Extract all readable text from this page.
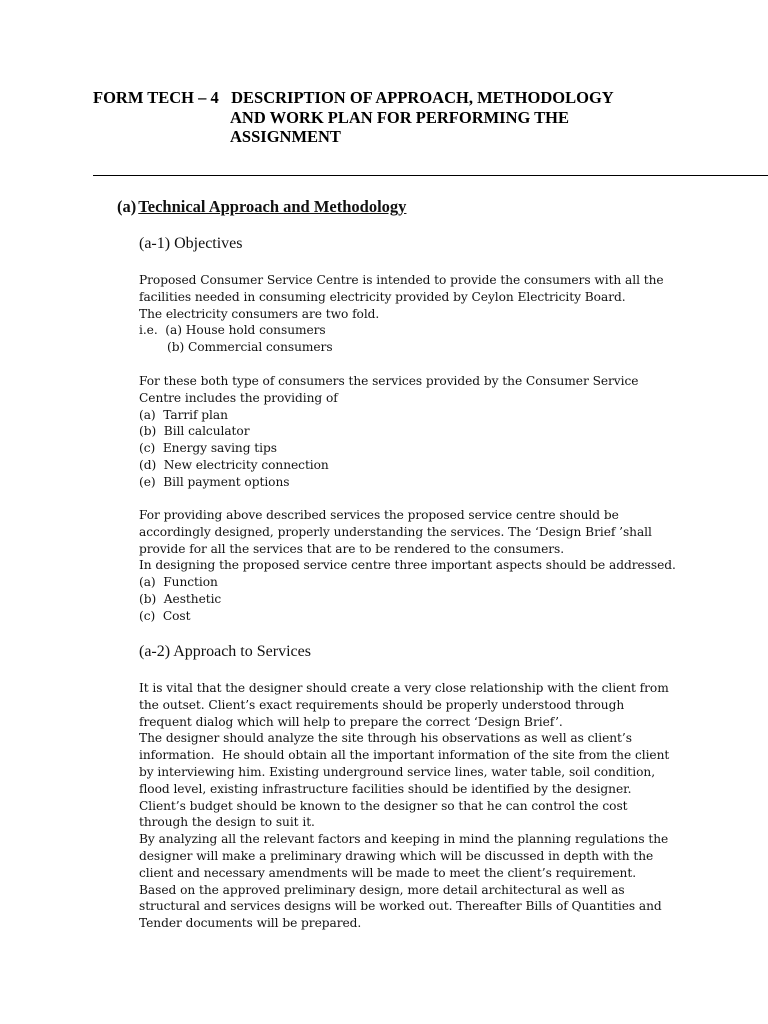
FORM TECH – 4   DESCRIPTION OF APPROACH, METHODOLOGY
AND WORK PLAN FOR PERFORMING THE
ASSIGNMENT
(a) Technical Approach and Methodology
(a-1) Objectives

Proposed Consumer Service Centre is intended to provide the consumers with all the

facilities needed in consuming electricity provided by Ceylon Electricity Board.

The electricity consumers are two fold.

i.e.  (a) House hold consumers

(b) Commercial consumers

For these both type of consumers the services provided by the Consumer Service

Centre includes the providing of

(a)  Tarrif plan

(b)  Bill calculator

(c)  Energy saving tips

(d)  New electricity connection

(e)  Bill payment options

For providing above described services the proposed service centre should be

accordingly designed, properly understanding the services. The ‘Design Brief ’shall

provide for all the services that are to be rendered to the consumers.

In designing the proposed service centre three important aspects should be addressed.

(a)  Function

(b)  Aesthetic

(c)  Cost

(a-2) Approach to Services

It is vital that the designer should create a very close relationship with the client from

the outset. Client’s exact requirements should be properly understood through

frequent dialog which will help to prepare the correct ‘Design Brief’.

The designer should analyze the site through his observations as well as client’s

information.  He should obtain all the important information of the site from the client

by interviewing him. Existing underground service lines, water table, soil condition,

flood level, existing infrastructure facilities should be identified by the designer.

Client’s budget should be known to the designer so that he can control the cost

through the design to suit it.

By analyzing all the relevant factors and keeping in mind the planning regulations the

designer will make a preliminary drawing which will be discussed in depth with the

client and necessary amendments will be made to meet the client’s requirement.

Based on the approved preliminary design, more detail architectural as well as

structural and services designs will be worked out. Thereafter Bills of Quantities and

Tender documents will be prepared.
